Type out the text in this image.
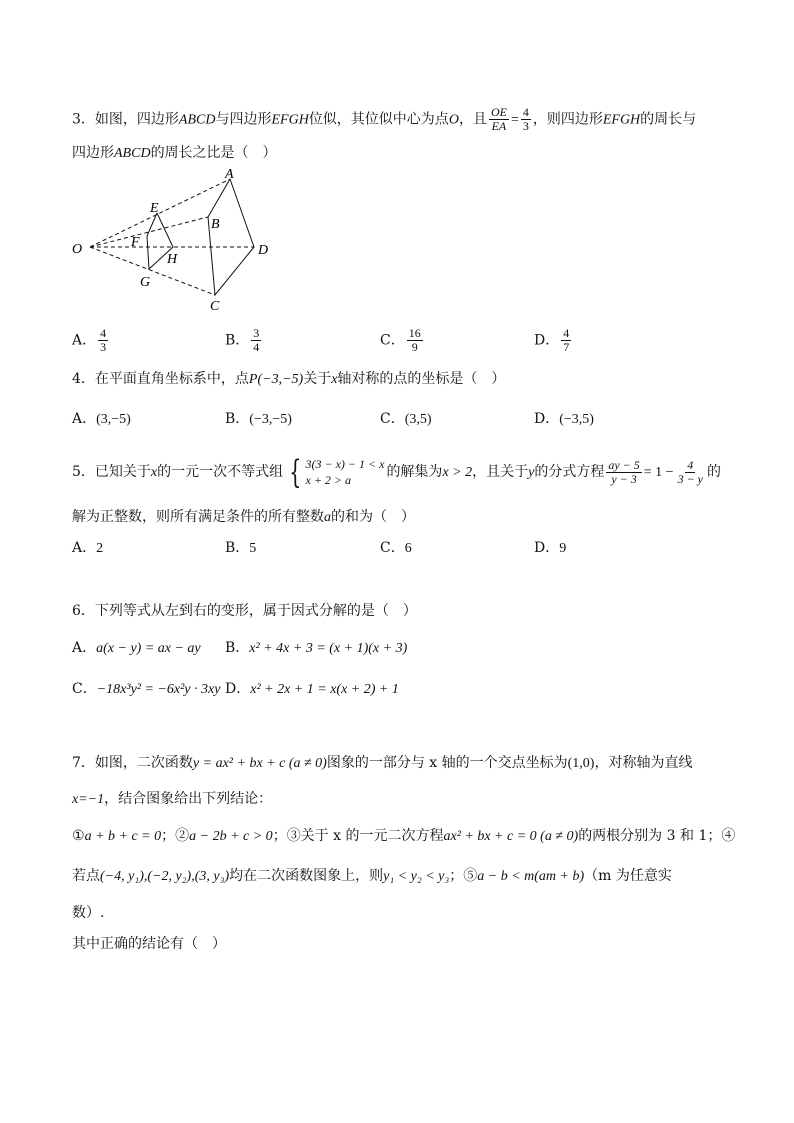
3．如图，四边形ABCD与四边形EFGH位似，其位似中心为点O，且 $\frac{OE}{EA} = \frac{4}{3}$ ，则四边形EFGH的周长与
四边形ABCD的周长之比是（　）
A
B
C
D
E
F
G
H
O
A． $\frac{4}{3}$	B． $\frac{3}{4}$	C． $\frac{16}{9}$	D． $\frac{4}{7}$
4．在平面直角坐标系中，点P(−3,−5)关于x轴对称的点的坐标是（　）
A．(3,−5)	B．(−3,−5)	C．(3,5)	D．(−3,5)
5．已知关于x的一元一次不等式组 { 3(3 − x) − 1 < x
x + 2 > a	的解集为x > 2，且关于y的分式方程 $\frac{ay - 5}{y - 3} = 1 - \frac{4}{3 - y}$ 的
解为正整数，则所有满足条件的所有整数a的和为（　）
A．2	B．5	C．6	D．9
6．下列等式从左到右的变形，属于因式分解的是（　）
A．a(x − y) = ax − ay B．x² + 4x + 3 = (x + 1)(x + 3)
C．−18x³y² = −6x²y · 3xy D．x² + 2x + 1 = x(x + 2) + 1
7．如图，二次函数y = ax² + bx + c (a ≠ 0)图象的一部分与 x 轴的一个交点坐标为(1,0)，对称轴为直线
x=−1，结合图象给出下列结论：
①a + b + c = 0；②a − 2b + c > 0；③关于 x 的一元二次方程ax² + bx + c = 0 (a ≠ 0)的两根分别为 3 和 1；④
若点(−4, y₁),(−2, y₂),(3, y₃)均在二次函数图象上，则y₁ < y₂ < y₃；⑤a − b < m(am + b)（m 为任意实
数）.
其中正确的结论有（　）
